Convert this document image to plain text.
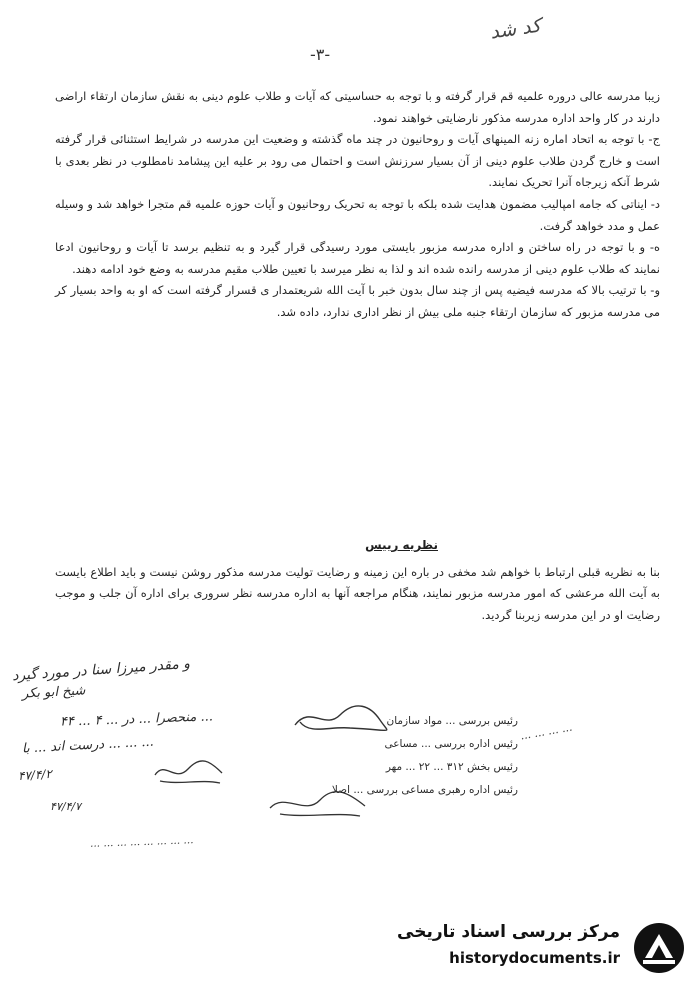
کد شد
-٣-

زیبا مدرسه عالی دروره علمیه قم قرار گرفته و با توجه به حساسیتی که آیات و طلاب علوم دینی به نقش سازمان ارتقاء اراضی دارند در کار واحد اداره مدرسه مذکور نارضایتی خواهند نمود.

ج- با توجه به اتحاد اماره زنه المینهای آیات و روحانیون در چند ماه گذشته و وضعیت این مدرسه در شرایط استثنائی قرار گرفته است و خارج گردن طلاب علوم دینی از آن بسیار سرزنش است و احتمال می رود بر علیه این پیشامد نامطلوب در نظر بعدی با شرط آنکه زیرجاه آنرا تحریک نمایند.

د- ایناتی که جامه امپالیب مضمون هدایت شده بلکه با توجه به تحریک روحانیون و آیات حوزه علمیه قم متجرا خواهد شد و وسیله عمل و مدد خواهد گرفت.

ه- و با توجه در راه ساختن و اداره مدرسه مزبور بایستی مورد رسیدگی قرار گیرد و به تنظیم برسد تا آیات و روحانیون ادعا نمایند که طلاب علوم دینی از مدرسه رانده شده اند و لذا به نظر میرسد با تعیین طلاب مقیم مدرسه به وضع خود ادامه دهند.

و- با ترتیب بالا که مدرسه فیضیه پس از چند سال بدون خبر با آیت الله شریعتمدار ی قسرار گرفته است که او به واحد بسیار کر می مدرسه مزبور که سازمان ارتقاء جنبه ملی بیش از نظر اداری ندارد، داده شد.

نظریه رییس
بنا به نظریه قبلی ارتباط با خواهم شد مخفی در باره این زمینه و رضایت تولیت مدرسه مذکور روشن نیست و باید اطلاع بایست به آیت الله مرعشی که امور مدرسه مزبور نمایند، هنگام مراجعه آنها به اداره مدرسه نظر سروری برای اداره آن جلب و موجب رضایت او در این مدرسه زیربنا گردید.
رئیس بررسی ... مواد سازمان
رئیس اداره بررسی ... مساعی
رئیس بخش ۳۱۲ ... ۲۲ ... مهر
رئیس اداره رهبری مساعی بررسی ... اصلا
و مقدر میرزا سنا در مورد گیرد
شیخ ابو بکر
۴۴ ... ۴ ... منحصرا ... در ...
درست اند ... با ... ... ...
۴۷/۴/۲
۴۷/۴/۷
... ... ... ...
... ... ... ... ... ... ... ...
مرکز بررسی اسناد تاریخی
historydocuments.ir
